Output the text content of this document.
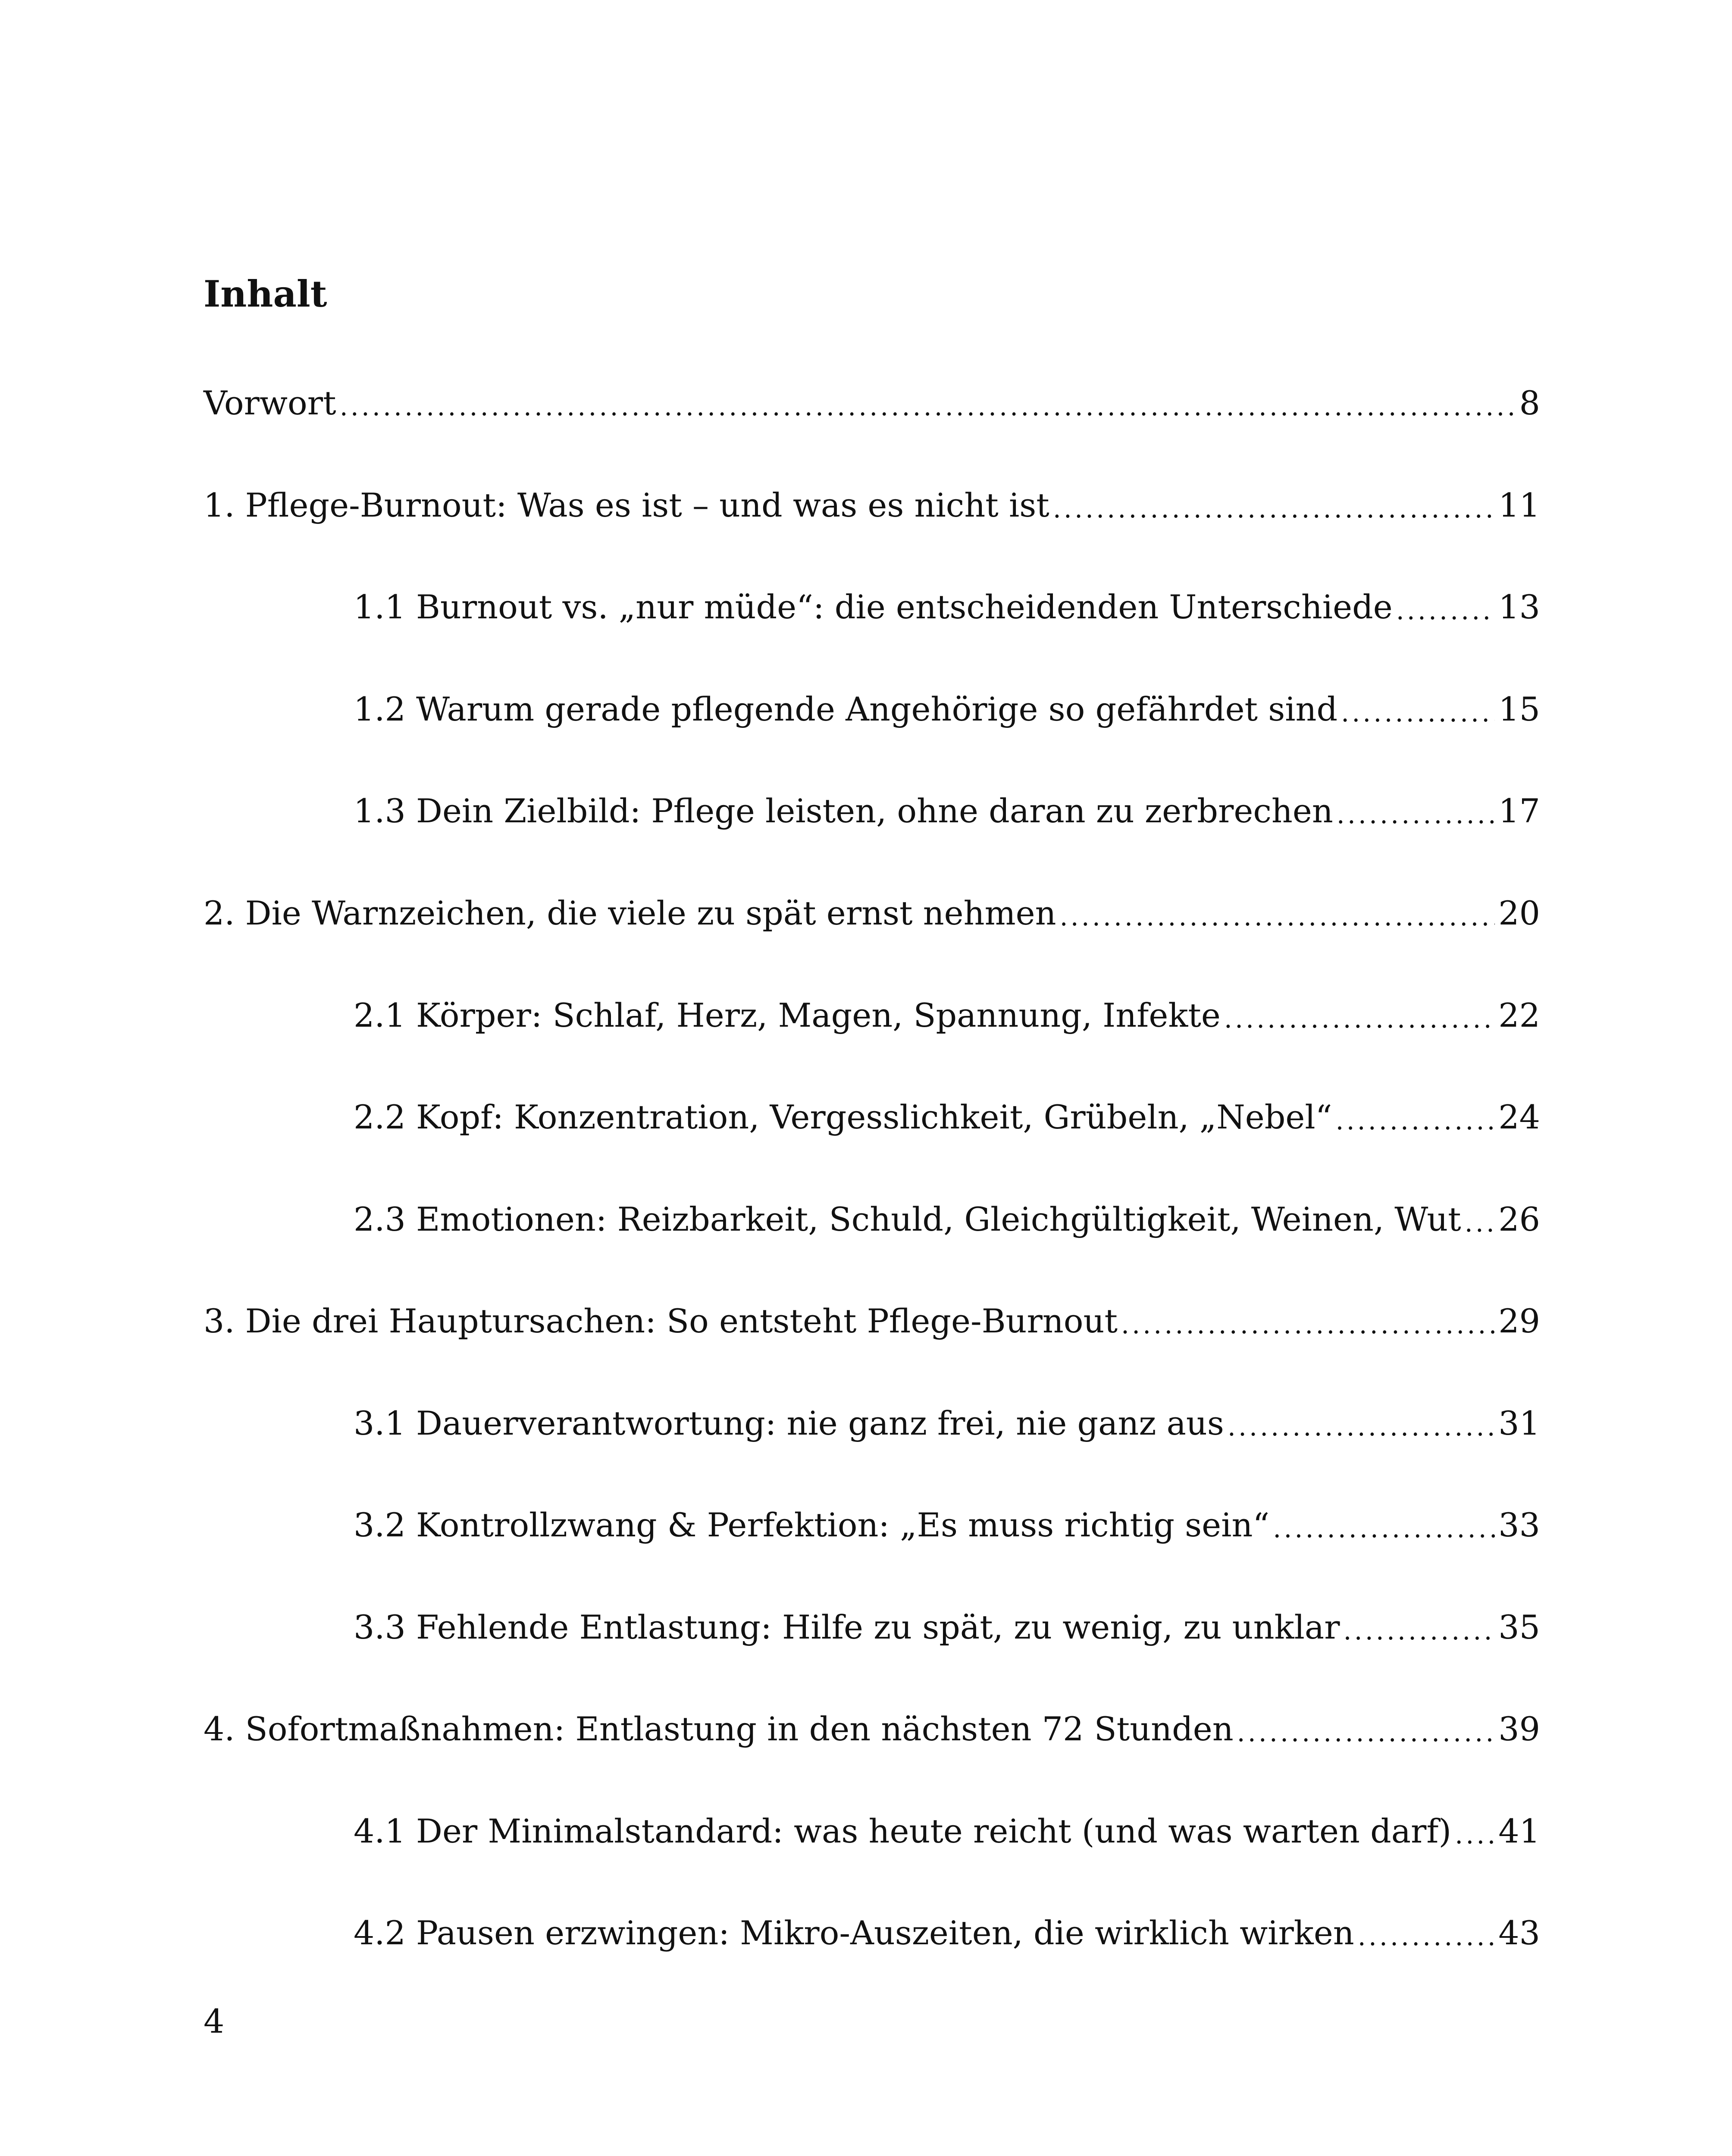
Inhalt
Vorwort .....	8
1. Pflege-Burnout: Was es ist – und was es nicht ist .....	11
1.1 Burnout vs. „nur müde“: die entscheidenden Unterschiede .....	13
1.2 Warum gerade pflegende Angehörige so gefährdet sind .....	15
1.3 Dein Zielbild: Pflege leisten, ohne daran zu zerbrechen .....	17
2. Die Warnzeichen, die viele zu spät ernst nehmen .....	20
2.1 Körper: Schlaf, Herz, Magen, Spannung, Infekte .....	22
2.2 Kopf: Konzentration, Vergesslichkeit, Grübeln, „Nebel“ .....	24
2.3 Emotionen: Reizbarkeit, Schuld, Gleichgültigkeit, Weinen, Wut ..... 26
3. Die drei Hauptursachen: So entsteht Pflege-Burnout .....	29
3.1 Dauerverantwortung: nie ganz frei, nie ganz aus .....	31
3.2 Kontrollzwang & Perfektion: „Es muss richtig sein“ .....	33
3.3 Fehlende Entlastung: Hilfe zu spät, zu wenig, zu unklar .....	35
4. Sofortmaßnahmen: Entlastung in den nächsten 72 Stunden .....	39
4.1 Der Minimalstandard: was heute reicht (und was warten darf) ..... 41
4.2 Pausen erzwingen: Mikro-Auszeiten, die wirklich wirken .....	43
4
